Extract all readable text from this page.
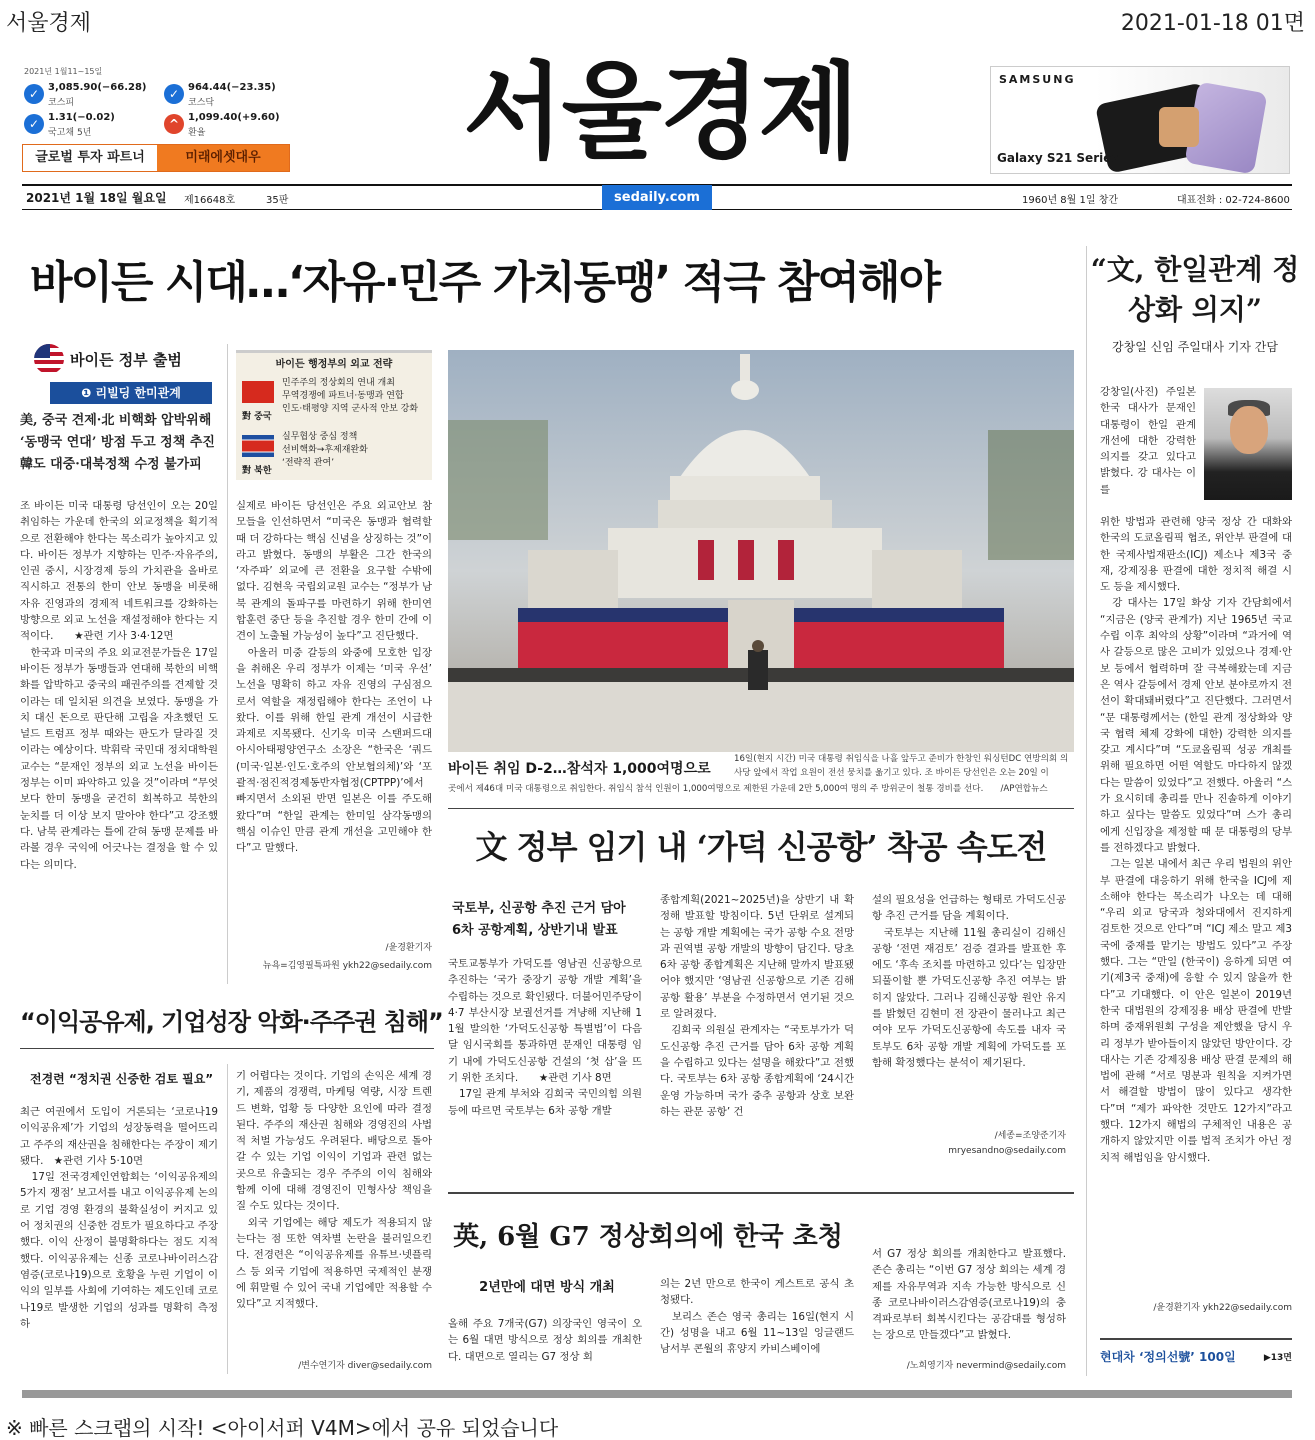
서울경제	2021-01-18 01면
2021년 1월11~15일
✓ 3,085.90(−66.28)
코스피
✓ 964.44(−23.35)
코스닥
✓ 1.31(−0.02)
국고채 5년
^ 1,099.40(+9.60)
환율
글로벌 투자 파트너	미래에셋대우	서울경제	SAMSUNG
Galaxy S21 Series
2021년 1월 18일 월요일 제16648호	35판	sedaily.com	1960년 8월 1일 창간	대표전화 : 02-724-8600
바이든 시대…‘자유·민주 가치동맹’ 적극 참여해야	“文, 한일관계 정상화 의지”
강창일 신임 주일대사 기자 간담
바이든 정부 출범
❶ 리빌딩 한미관계
美, 중국 견제·北 비핵화 압박위해
‘동맹국 연대’ 방점 두고 정책 추진
韓도 대중·대북정책 수정 불가피
조 바이든 미국 대통령 당선인이 오는 20일 취임하는 가운데 한국의 외교정책을 획기적으로 전환해야 한다는 목소리가 높아지고 있다. 바이든 정부가 지향하는 민주·자유주의, 인권 중시, 시장경제 등의 가치관을 올바로 직시하고 전통의 한미 안보 동맹을 비롯해 자유 진영과의 경제적 네트워크를 강화하는 방향으로 외교 노선을 재설정해야 한다는 지적이다.　　★관련 기사 3·4·12면
　한국과 미국의 주요 외교전문가들은 17일 바이든 정부가 동맹들과 연대해 북한의 비핵화를 압박하고 중국의 패권주의를 견제할 것이라는 데 일치된 의견을 보였다. 동맹을 가치 대신 돈으로 판단해 고립을 자초했던 도널드 트럼프 정부 때와는 판도가 달라질 것이라는 예상이다. 박휘락 국민대 정치대학원 교수는 “문재인 정부의 외교 노선을 바이든 정부는 이미 파악하고 있을 것”이라며 “무엇보다 한미 동맹을 굳건히 회복하고 북한의 눈치를 더 이상 보지 말아야 한다”고 강조했다. 남북 관계라는 틀에 갇혀 동맹 문제를 바라볼 경우 국익에 어긋나는 결정을 할 수 있다는 의미다.
바이든 행정부의 외교 전략
對 중국
민주주의 정상회의 연내 개최
무역경쟁에 파트너·동맹과 연합
인도·태평양 지역 군사적 안보 강화
對 북한
실무협상 중심 정책
선비핵화→후제재완화
‘전략적 관여’
실제로 바이든 당선인은 주요 외교안보 참모들을 인선하면서 “미국은 동맹과 협력할 때 더 강하다는 핵심 신념을 상징하는 것”이라고 밝혔다. 동맹의 부활은 그간 한국의 ‘자주파’ 외교에 큰 전환을 요구할 수밖에 없다. 김현욱 국립외교원 교수는 “정부가 남북 관계의 돌파구를 마련하기 위해 한미연합훈련 중단 등을 추진할 경우 한미 간에 이견이 노출될 가능성이 높다”고 진단했다.
　아울러 미중 갈등의 와중에 모호한 입장을 취해온 우리 정부가 이제는 ‘미국 우선’ 노선을 명확히 하고 자유 진영의 구심점으로서 역할을 재정립해야 한다는 조언이 나왔다. 이를 위해 한일 관계 개선이 시급한 과제로 지목됐다. 신기욱 미국 스탠퍼드대 아시아태평양연구소 소장은 “한국은 ‘쿼드(미국·일본·인도·호주의 안보협의체)’와 ‘포괄적·점진적경제동반자협정(CPTPP)’에서 빠지면서 소외된 반면 일본은 이를 주도해왔다”며 “한일 관계는 한미일 삼각동맹의 핵심 이슈인 만큼 관계 개선을 고민해야 한다”고 말했다.
/윤경환기자
뉴욕=김영필특파원 ykh22@sedaily.com
바이든 취임 D-2…참석자 1,000여명으로
16일(현지 시간) 미국 대통령 취임식을 나흘 앞두고 준비가 한창인 워싱턴DC 연방의회 의사당 앞에서 작업 요원이 전선 뭉치를 옮기고 있다. 조 바이든 당선인은 오는 20일 이
곳에서 제46대 미국 대통령으로 취임한다. 취임식 참석 인원이 1,000여명으로 제한된 가운데 2만 5,000여 명의 주 방위군이 철통 경비를 선다.　　/AP연합뉴스
文 정부 임기 내 ‘가덕 신공항’ 착공 속도전
국토부, 신공항 추진 근거 담아
6차 공항계획, 상반기내 발표
국토교통부가 가덕도를 영남권 신공항으로 추진하는 ‘국가 중장기 공항 개발 계획’을 수립하는 것으로 확인됐다. 더불어민주당이 4·7 부산시장 보궐선거를 겨냥해 지난해 11월 발의한 ‘가덕도신공항 특별법’이 다음 달 임시국회를 통과하면 문재인 대통령 임기 내에 가덕도신공항 건설의 ‘첫 삽’을 뜨기 위한 조치다.　　★관련 기사 8면
　17일 관계 부처와 김희국 국민의힘 의원 등에 따르면 국토부는 6차 공항 개발
종합계획(2021~2025년)을 상반기 내 확정해 발표할 방침이다. 5년 단위로 설계되는 공항 개발 계획에는 국가 공항 수요 전망과 권역별 공항 개발의 방향이 담긴다. 당초 6차 공항 종합계획은 지난해 말까지 발표됐어야 했지만 ‘영남권 신공항으로 기존 김해공항 활용’ 부분을 수정하면서 연기된 것으로 알려졌다.
　김희국 의원실 관계자는 “국토부가가 덕도신공항 추진 근거를 담아 6차 공항 계획을 수립하고 있다는 설명을 해왔다”고 전했다. 국토부는 6차 공항 종합계획에 ‘24시간 운영 가능하며 국가 중추 공항과 상호 보완하는 관문 공항’ 건
설의 필요성을 언급하는 형태로 가덕도신공항 추진 근거를 담을 계획이다.
　국토부는 지난해 11월 총리실이 김해신공항 ‘전면 재검토’ 검증 결과를 발표한 후에도 ‘후속 조치를 마련하고 있다’는 입장만 되풀이할 뿐 가덕도신공항 추진 여부는 밝히지 않았다. 그러나 김해신공항 원안 유지를 밝혔던 김현미 전 장관이 물러나고 최근 여야 모두 가덕도신공항에 속도를 내자 국토부도 6차 공항 개발 계획에 가덕도를 포함해 확정했다는 분석이 제기된다.
/세종=조양준기자
mryesandno@sedaily.com
“이익공유제, 기업성장 악화·주주권 침해”
전경련 “정치권 신중한 검토 필요”
최근 여권에서 도입이 거론되는 ‘코로나19 이익공유제’가 기업의 성장동력을 떨어뜨리고 주주의 재산권을 침해한다는 주장이 제기됐다.　★관련 기사 5·10면
　17일 전국경제인연합회는 ‘이익공유제의 5가지 쟁점’ 보고서를 내고 이익공유제 논의로 기업 경영 환경의 불확실성이 커지고 있어 정치권의 신중한 검토가 필요하다고 주장했다. 이익 산정이 불명확하다는 점도 지적했다. 이익공유제는 신종 코로나바이러스감염증(코로나19)으로 호황을 누린 기업이 이익의 일부를 사회에 기여하는 제도인데 코로나19로 발생한 기업의 성과를 명확히 측정하
기 어렵다는 것이다. 기업의 손익은 세계 경기, 제품의 경쟁력, 마케팅 역량, 시장 트렌드 변화, 업황 등 다양한 요인에 따라 결정된다. 주주의 재산권 침해와 경영진의 사법적 처벌 가능성도 우려된다. 배당으로 돌아갈 수 있는 기업 이익이 기업과 관련 없는 곳으로 유출되는 경우 주주의 이익 침해와 함께 이에 대해 경영진이 민형사상 책임을 질 수도 있다는 것이다.
　외국 기업에는 해당 제도가 적용되지 않는다는 점 또한 역차별 논란을 불러일으킨다. 전경련은 “이익공유제를 유튜브·넷플릭스 등 외국 기업에 적용하면 국제적인 분쟁에 휘말릴 수 있어 국내 기업에만 적용할 수 있다”고 지적했다.
/변수연기자 diver@sedaily.com
英, 6월 G7 정상회의에 한국 초청
2년만에 대면 방식 개최
올해 주요 7개국(G7) 의장국인 영국이 오는 6월 대면 방식으로 정상 회의를 개최한다. 대면으로 열리는 G7 정상 회
의는 2년 만으로 한국이 게스트로 공식 초청됐다.
　보리스 존슨 영국 총리는 16일(현지 시간) 성명을 내고 6월 11~13일 잉글랜드 남서부 콘월의 휴양지 카비스베이에
서 G7 정상 회의를 개최한다고 발표했다. 존슨 총리는 “이번 G7 정상 회의는 세계 경제를 자유무역과 지속 가능한 방식으로 신종 코로나바이러스감염증(코로나19)의 충격파로부터 회복시킨다는 공감대를 형성하는 장으로 만들겠다”고 밝혔다.
/노희영기자 nevermind@sedaily.com
강창일(사진) 주일본 한국 대사가 문재인대통령이 한일 관계 개선에 대한 강력한 의지를 갖고 있다고 밝혔다. 강 대사는 이를
위한 방법과 관련해 양국 정상 간 대화와 한국의 도쿄올림픽 협조, 위안부 판결에 대한 국제사법재판소(ICJ) 제소나 제3국 중재, 강제징용 판결에 대한 정치적 해결 시도 등을 제시했다.
　강 대사는 17일 화상 기자 간담회에서 “지금은 (양국 관계가) 지난 1965년 국교 수립 이후 최악의 상황”이라며 “과거에 역사 갈등으로 많은 고비가 있었으나 경제·안보 등에서 협력하며 잘 극복해왔는데 지금은 역사 갈등에서 경제 안보 분야로까지 전선이 확대돼버렸다”고 진단했다. 그러면서 “문 대통령께서는 (한일 관계 정상화와 양국 협력 체제 강화에 대한) 강력한 의지를 갖고 계시다”며 “도쿄올림픽 성공 개최를 위해 필요하면 어떤 역할도 마다하지 않겠다는 말씀이 있었다”고 전했다. 아울러 “스가 요시히데 총리를 만나 진솔하게 이야기하고 싶다는 말씀도 있었다”며 스가 총리에게 신입장을 제정할 때 문 대통령의 당부를 전하겠다고 밝혔다.
　그는 일본 내에서 최근 우리 법원의 위안부 판결에 대응하기 위해 한국을 ICJ에 제소해야 한다는 목소리가 나오는 데 대해 “우리 외교 당국과 청와대에서 진지하게 검토한 것으로 안다”며 “ICJ 제소 말고 제3국에 중재를 맡기는 방법도 있다”고 주장했다. 그는 “만일 (한국이) 응하게 되면 여기(제3국 중재)에 응할 수 있지 않을까 한다”고 기대했다. 이 안은 일본이 2019년 한국 대법원의 강제징용 배상 판결에 반발하며 중재위원회 구성을 제안했을 당시 우리 정부가 받아들이지 않았던 방안이다. 강 대사는 기존 강제징용 배상 판결 문제의 해법에 관해 “서로 명분과 원칙을 지켜가면서 해결할 방법이 많이 있다고 생각한다”며 “제가 파악한 것만도 12가지”라고 했다. 12가지 해법의 구체적인 내용은 공개하지 않았지만 이를 법적 조치가 아닌 정치적 해법임을 암시했다.
/윤경환기자 ykh22@sedaily.com
현대차 ‘정의선號’ 100일	▶13면
※ 빠른 스크랩의 시작! <아이서퍼 V4M>에서 공유 되었습니다
